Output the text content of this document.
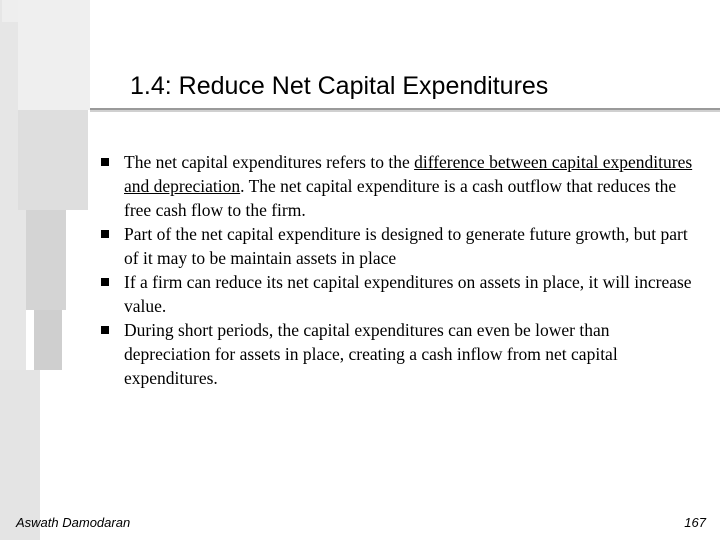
1.4: Reduce Net Capital Expenditures
The net capital expenditures refers to the difference between capital expenditures and depreciation. The net capital expenditure is a cash outflow that reduces the free cash flow to the firm.
Part of the net capital expenditure is designed to generate future growth, but part of it may to be maintain assets in place
If a firm can reduce its net capital expenditures on assets in place, it will increase value.
During short periods, the capital expenditures can even be lower than depreciation for assets in place, creating a cash inflow from net capital expenditures.
Aswath Damodaran	167
